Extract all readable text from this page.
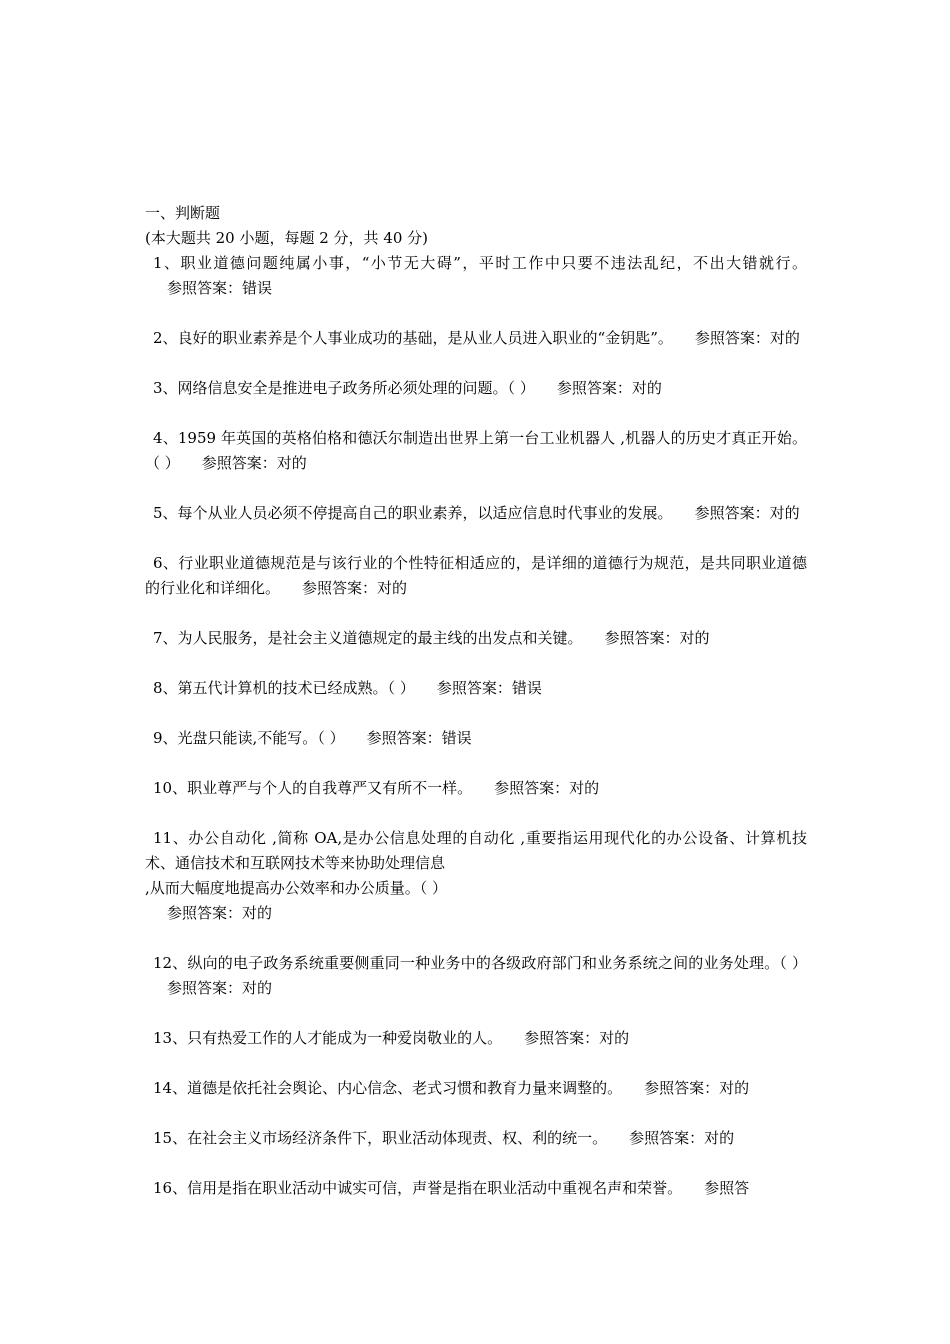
一、判断题

(本大题共 20 小题，每题 2 分，共 40 分)

1、职业道德问题纯属小事，“小节无大碍”，平时工作中只要不违法乱纪，不出大错就行。参照答案：错误

2、良好的职业素养是个人事业成功的基础，是从业人员进入职业的“金钥匙”。 参照答案：对的

3、网络信息安全是推进电子政务所必须处理的问题。（ ） 参照答案：对的

4、1959 年英国的英格伯格和德沃尔制造出世界上第一台工业机器人 ,机器人的历史才真正开始。（ ） 参照答案：对的

5、每个从业人员必须不停提高自己的职业素养，以适应信息时代事业的发展。 参照答案：对的

6、行业职业道德规范是与该行业的个性特征相适应的，是详细的道德行为规范，是共同职业道德的行业化和详细化。 参照答案：对的

7、为人民服务，是社会主义道德规定的最主线的出发点和关键。 参照答案：对的

8、第五代计算机的技术已经成熟。（ ） 参照答案：错误

9、光盘只能读,不能写。（ ） 参照答案：错误

10、职业尊严与个人的自我尊严又有所不一样。 参照答案：对的

11、办公自动化 ,简称 OA,是办公信息处理的自动化 ,重要指运用现代化的办公设备、计算机技术、通信技术和互联网技术等来协助处理信息
,从而大幅度地提高办公效率和办公质量。（ ）
参照答案：对的

12、纵向的电子政务系统重要侧重同一种业务中的各级政府部门和业务系统之间的业务处理。（ ）参照答案：对的

13、只有热爱工作的人才能成为一种爱岗敬业的人。 参照答案：对的

14、道德是依托社会舆论、内心信念、老式习惯和教育力量来调整的。 参照答案：对的

15、在社会主义市场经济条件下，职业活动体现责、权、利的统一。 参照答案：对的

16、信用是指在职业活动中诚实可信，声誉是指在职业活动中重视名声和荣誉。 参照答
